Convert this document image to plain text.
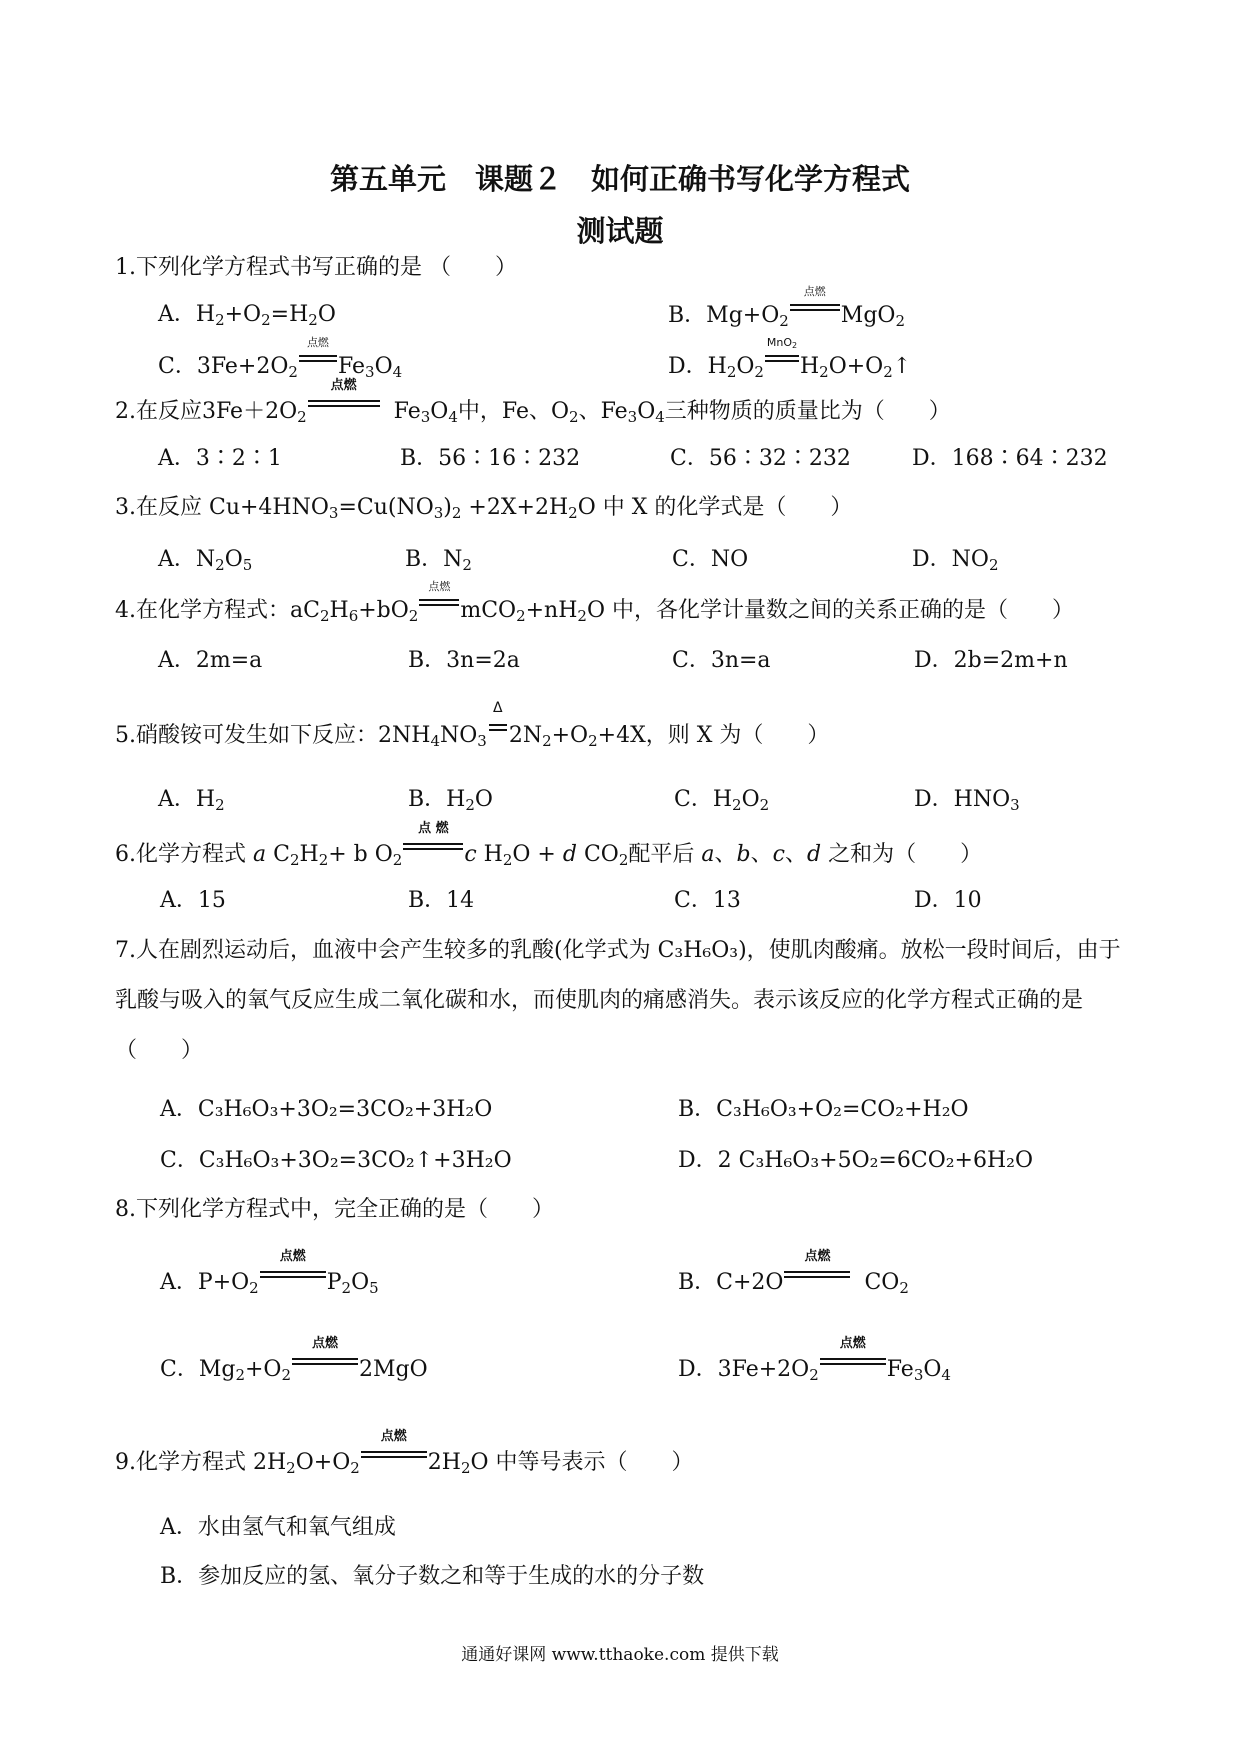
第五单元　课题２　如何正确书写化学方程式
测试题
1.下列化学方程式书写正确的是 （　　）
A．$H_2+O_2=H_2O$	B．$Mg+O_2$
点燃
MgO$_2$
C．$3Fe+2O_2$
点燃
$Fe_3O_4$	D．$H_2O_2$
MnO$_2$
$H_2O+O_2↑$
2.在反应$3Fe+2O_2$
点燃
$Fe_3O_4$中，Fe、$O_2$、$Fe_3O_4$三种物质的质量比为（　　）
A．3∶2∶1	B．56∶16∶232	C．56∶32∶232	D．168∶64∶232
3.在反应 $Cu+4HNO_3=Cu(NO_3)_2 +2X+2H_2O$ 中 X 的化学式是（　　）
A．$N_2O_5$	B．$N_2$	C．NO	D．$NO_2$
4.在化学方程式：$aC_2H_6+bO_2$
点燃
$mCO_2+nH_2O$ 中，各化学计量数之间的关系正确的是（　　）
A．2m=a	B．3n=2a	C．3n=a	D．2b=2m+n
5.硝酸铵可发生如下反应：$2NH_4NO_3$
Δ
$2N_2+O_2+4X$，则 X 为（　　）
A．$H_2$	B．$H_2O$	C．$H_2O_2$	D．$HNO_3$
6.化学方程式 a $C_2H_2+ b$ $O_2$
点 燃
c $H_2O + d$ $CO_2$配平后 a、b、c、d 之和为（　　）
A．15	B．14	C．13	D．10
7.人在剧烈运动后，血液中会产生较多的乳酸(化学式为 C₃H₆O₃)，使肌肉酸痛。放松一段时间后，由于乳酸与吸入的氧气反应生成二氧化碳和水，而使肌肉的痛感消失。表示该反应的化学方程式正确的是（　　）
A．C₃H₆O₃+3O₂=3CO₂+3H₂O	B．C₃H₆O₃+O₂=CO₂+H₂O
C．C₃H₆O₃+3O₂=3CO₂↑+3H₂O	D．2 C₃H₆O₃+5O₂=6CO₂+6H₂O
8.下列化学方程式中，完全正确的是（　　）
A．$P+O_2$
点燃
$P_2O_5$	B．C+2O
点燃
$CO_2$
C．$Mg_2+O_2$
点燃
2MgO	D．$3Fe+2O_2$
点燃
$Fe_3O_4$
9.化学方程式 $2H_2O+O_2$
点燃
$2H_2O$ 中等号表示（　　）
A．水由氢气和氧气组成
B．参加反应的氢、氧分子数之和等于生成的水的分子数
通通好课网 www.tthaoke.com 提供下载
